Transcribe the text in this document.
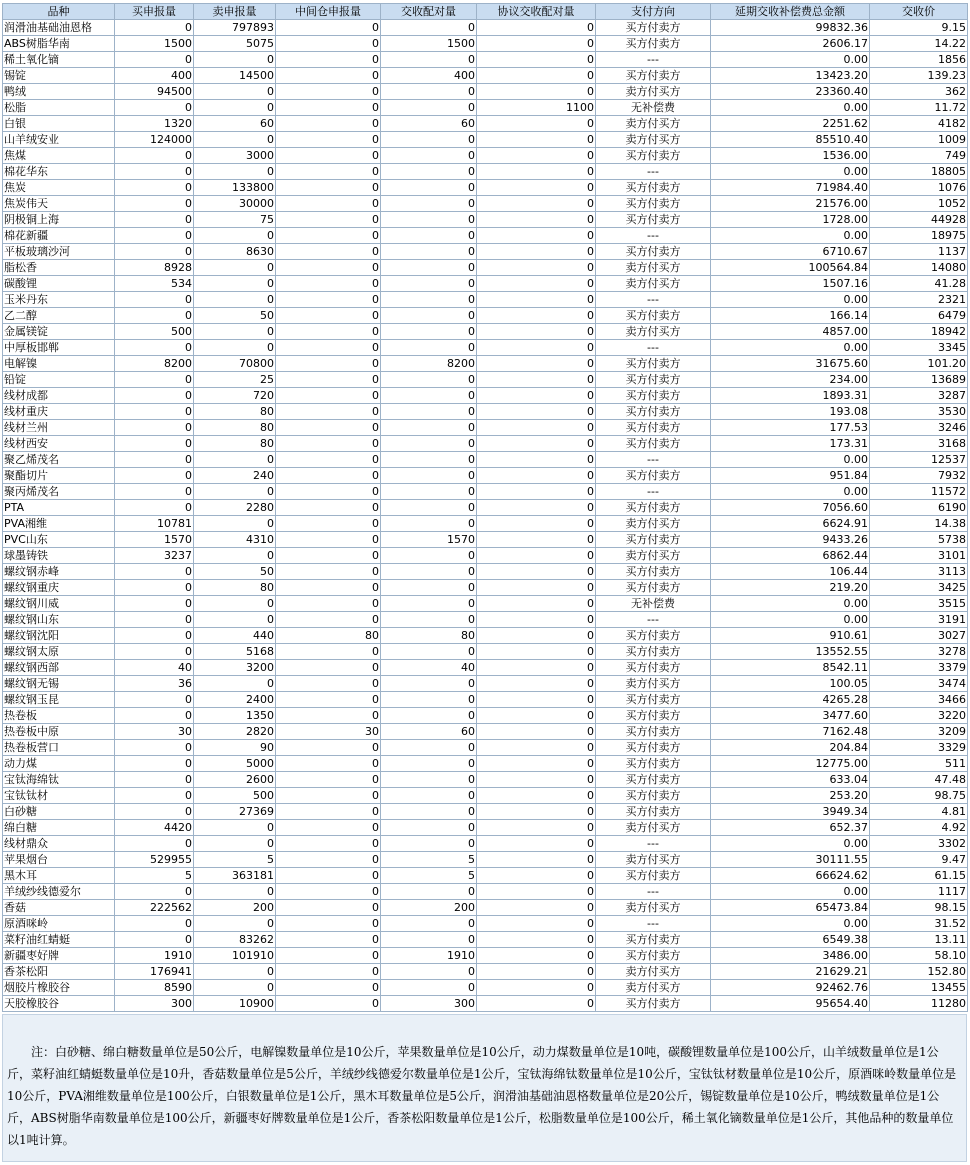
品种	买申报量	卖申报量	中间仓申报量	交收配对量	协议交收配对量	支付方向	延期交收补偿费总金额	交收价
润滑油基础油恩格	0	797893	0	0	0	买方付卖方	99832.36	9.15
ABS树脂华南	1500	5075	0	1500	0	买方付卖方	2606.17	14.22
稀土氧化镝	0	0	0	0	0	---	0.00	1856
锡锭	400	14500	0	400	0	买方付卖方	13423.20	139.23
鸭绒	94500	0	0	0	0	卖方付买方	23360.40	362
松脂	0	0	0	0	1100	无补偿费	0.00	11.72
白银	1320	60	0	60	0	卖方付买方	2251.62	4182
山羊绒安业	124000	0	0	0	0	卖方付买方	85510.40	1009
焦煤	0	3000	0	0	0	买方付卖方	1536.00	749
棉花华东	0	0	0	0	0	---	0.00	18805
焦炭	0	133800	0	0	0	买方付卖方	71984.40	1076
焦炭伟天	0	30000	0	0	0	买方付卖方	21576.00	1052
阴极铜上海	0	75	0	0	0	买方付卖方	1728.00	44928
棉花新疆	0	0	0	0	0	---	0.00	18975
平板玻璃沙河	0	8630	0	0	0	买方付卖方	6710.67	1137
脂松香	8928	0	0	0	0	卖方付买方	100564.84	14080
碳酸锂	534	0	0	0	0	卖方付买方	1507.16	41.28
玉米丹东	0	0	0	0	0	---	0.00	2321
乙二醇	0	50	0	0	0	买方付卖方	166.14	6479
金属镁锭	500	0	0	0	0	卖方付买方	4857.00	18942
中厚板邯郸	0	0	0	0	0	---	0.00	3345
电解镍	8200	70800	0	8200	0	买方付卖方	31675.60	101.20
铅锭	0	25	0	0	0	买方付卖方	234.00	13689
线材成都	0	720	0	0	0	买方付卖方	1893.31	3287
线材重庆	0	80	0	0	0	买方付卖方	193.08	3530
线材兰州	0	80	0	0	0	买方付卖方	177.53	3246
线材西安	0	80	0	0	0	买方付卖方	173.31	3168
聚乙烯茂名	0	0	0	0	0	---	0.00	12537
聚酯切片	0	240	0	0	0	买方付卖方	951.84	7932
聚丙烯茂名	0	0	0	0	0	---	0.00	11572
PTA	0	2280	0	0	0	买方付卖方	7056.60	6190
PVA湘维	10781	0	0	0	0	卖方付买方	6624.91	14.38
PVC山东	1570	4310	0	1570	0	买方付卖方	9433.26	5738
球墨铸铁	3237	0	0	0	0	卖方付买方	6862.44	3101
螺纹钢赤峰	0	50	0	0	0	买方付卖方	106.44	3113
螺纹钢重庆	0	80	0	0	0	买方付卖方	219.20	3425
螺纹钢川威	0	0	0	0	0	无补偿费	0.00	3515
螺纹钢山东	0	0	0	0	0	---	0.00	3191
螺纹钢沈阳	0	440	80	80	0	买方付卖方	910.61	3027
螺纹钢太原	0	5168	0	0	0	买方付卖方	13552.55	3278
螺纹钢西部	40	3200	0	40	0	买方付卖方	8542.11	3379
螺纹钢无锡	36	0	0	0	0	卖方付买方	100.05	3474
螺纹钢玉昆	0	2400	0	0	0	买方付卖方	4265.28	3466
热卷板	0	1350	0	0	0	买方付卖方	3477.60	3220
热卷板中原	30	2820	30	60	0	买方付卖方	7162.48	3209
热卷板营口	0	90	0	0	0	买方付卖方	204.84	3329
动力煤	0	5000	0	0	0	买方付卖方	12775.00	511
宝钛海绵钛	0	2600	0	0	0	买方付卖方	633.04	47.48
宝钛钛材	0	500	0	0	0	买方付卖方	253.20	98.75
白砂糖	0	27369	0	0	0	买方付卖方	3949.34	4.81
绵白糖	4420	0	0	0	0	卖方付买方	652.37	4.92
线材鼎众	0	0	0	0	0	---	0.00	3302
苹果烟台	529955	5	0	5	0	卖方付买方	30111.55	9.47
黑木耳	5	363181	0	5	0	买方付卖方	66624.62	61.15
羊绒纱线德爱尔	0	0	0	0	0	---	0.00	1117
香菇	222562	200	0	200	0	卖方付买方	65473.84	98.15
原酒咪岭	0	0	0	0	0	---	0.00	31.52
菜籽油红蜻蜓	0	83262	0	0	0	买方付卖方	6549.38	13.11
新疆枣好牌	1910	101910	0	1910	0	买方付卖方	3486.00	58.10
香茶松阳	176941	0	0	0	0	卖方付买方	21629.21	152.80
烟胶片橡胶谷	8590	0	0	0	0	卖方付买方	92462.76	13455
天胶橡胶谷	300	10900	0	300	0	买方付卖方	95654.40	11280
注：白砂糖、绵白糖数量单位是50公斤，电解镍数量单位是10公斤，苹果数量单位是10公斤，动力煤数量单位是10吨，碳酸锂数量单位是100公斤，山羊绒数量单位是1公斤，菜籽油红蜻蜓数量单位是10升，香菇数量单位是5公斤，羊绒纱线德爱尔数量单位是1公斤，宝钛海绵钛数量单位是10公斤，宝钛钛材数量单位是10公斤，原酒咪岭数量单位是10公斤，PVA湘维数量单位是100公斤，白银数量单位是1公斤，黑木耳数量单位是5公斤，润滑油基础油恩格数量单位是20公斤，锡锭数量单位是10公斤，鸭绒数量单位是1公斤，ABS树脂华南数量单位是100公斤，新疆枣好牌数量单位是1公斤，香茶松阳数量单位是1公斤，松脂数量单位是100公斤，稀土氧化镝数量单位是1公斤，其他品种的数量单位以1吨计算。
